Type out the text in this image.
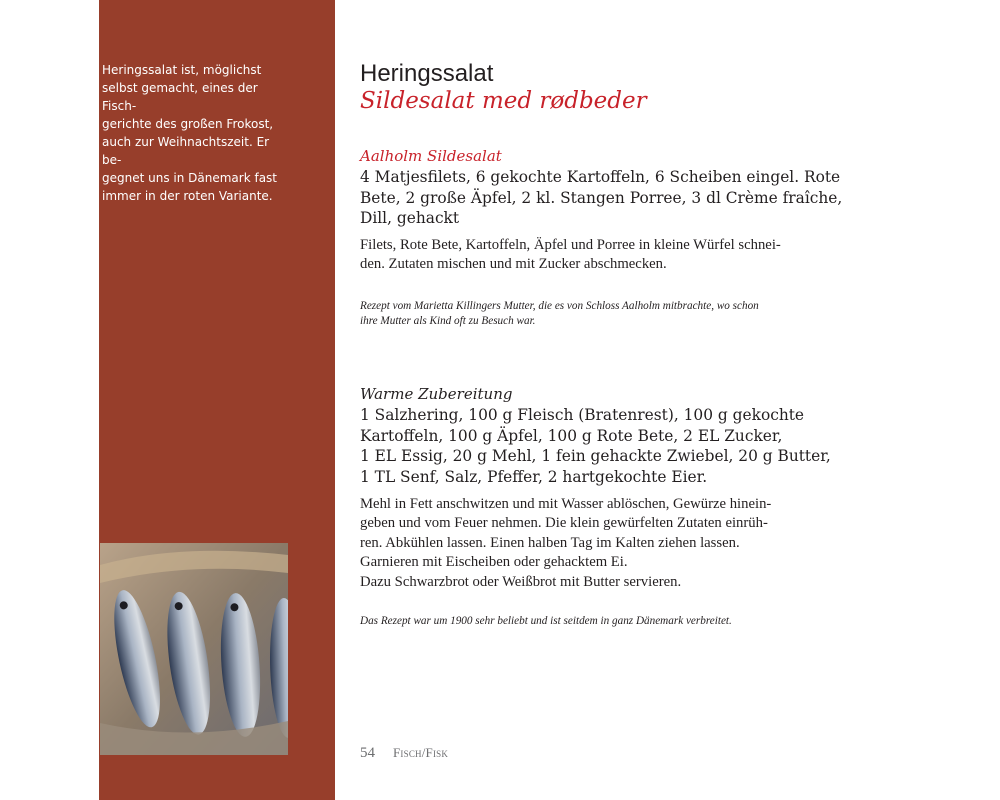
Heringssalat ist, möglichst
selbst gemacht, eines der Fisch-
gerichte des großen Frokost,
auch zur Weihnachtszeit. Er be-
gegnet uns in Dänemark fast
immer in der roten Variante.
Heringssalat
Sildesalat med rødbeder
Aalholm Sildesalat
4 Matjesfilets, 6 gekochte Kartoffeln, 6 Scheiben eingel. Rote
Bete, 2 große Äpfel, 2 kl. Stangen Porree, 3 dl Crème fraîche,
Dill, gehackt
Filets, Rote Bete, Kartoffeln, Äpfel und Porree in kleine Würfel schnei-
den. Zutaten mischen und mit Zucker abschmecken.
Rezept vom Marietta Killingers Mutter, die es von Schloss Aalholm mitbrachte, wo schon
ihre Mutter als Kind oft zu Besuch war.
Warme Zubereitung
1 Salzhering, 100 g Fleisch (Bratenrest), 100 g gekochte
Kartoffeln, 100 g Äpfel, 100 g Rote Bete, 2 EL Zucker,
1 EL Essig, 20 g Mehl, 1 fein gehackte Zwiebel, 20 g Butter,
1 TL Senf, Salz, Pfeffer, 2 hartgekochte Eier.
Mehl in Fett anschwitzen und mit Wasser ablöschen, Gewürze hinein-
geben und vom Feuer nehmen. Die klein gewürfelten Zutaten einrüh-
ren. Abkühlen lassen. Einen halben Tag im Kalten ziehen lassen.
Garnieren mit Eischeiben oder gehacktem Ei.
Dazu Schwarzbrot oder Weißbrot mit Butter servieren.
Das Rezept war um 1900 sehr beliebt und ist seitdem in ganz Dänemark verbreitet.
54 Fisch/Fisk
